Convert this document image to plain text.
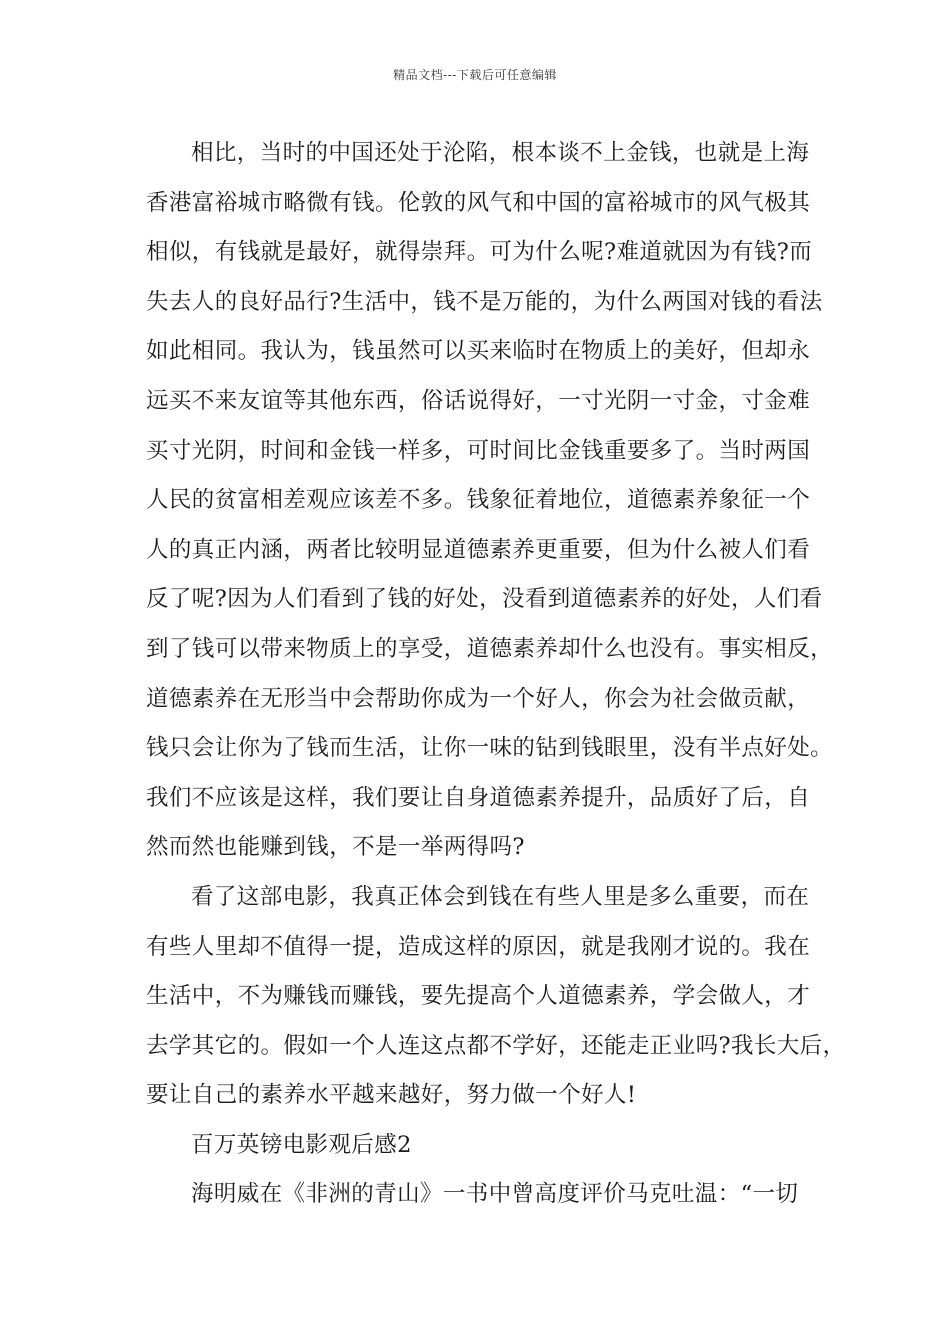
精品文档---下载后可任意编辑
相比，当时的中国还处于沦陷，根本谈不上金钱，也就是上海
香港富裕城市略微有钱。伦敦的风气和中国的富裕城市的风气极其
相似，有钱就是最好，就得崇拜。可为什么呢?难道就因为有钱?而
失去人的良好品行?生活中，钱不是万能的，为什么两国对钱的看法
如此相同。我认为，钱虽然可以买来临时在物质上的美好，但却永
远买不来友谊等其他东西，俗话说得好，一寸光阴一寸金，寸金难
买寸光阴，时间和金钱一样多，可时间比金钱重要多了。当时两国
人民的贫富相差观应该差不多。钱象征着地位，道德素养象征一个
人的真正内涵，两者比较明显道德素养更重要，但为什么被人们看
反了呢?因为人们看到了钱的好处，没看到道德素养的好处，人们看
到了钱可以带来物质上的享受，道德素养却什么也没有。事实相反，
道德素养在无形当中会帮助你成为一个好人，你会为社会做贡献，
钱只会让你为了钱而生活，让你一味的钻到钱眼里，没有半点好处。
我们不应该是这样，我们要让自身道德素养提升，品质好了后，自
然而然也能赚到钱，不是一举两得吗?
看了这部电影，我真正体会到钱在有些人里是多么重要，而在
有些人里却不值得一提，造成这样的原因，就是我刚才说的。我在
生活中，不为赚钱而赚钱，要先提高个人道德素养，学会做人，才
去学其它的。假如一个人连这点都不学好，还能走正业吗?我长大后，
要让自己的素养水平越来越好，努力做一个好人!
百万英镑电影观后感2
海明威在《非洲的青山》一书中曾高度评价马克吐温：“一切
